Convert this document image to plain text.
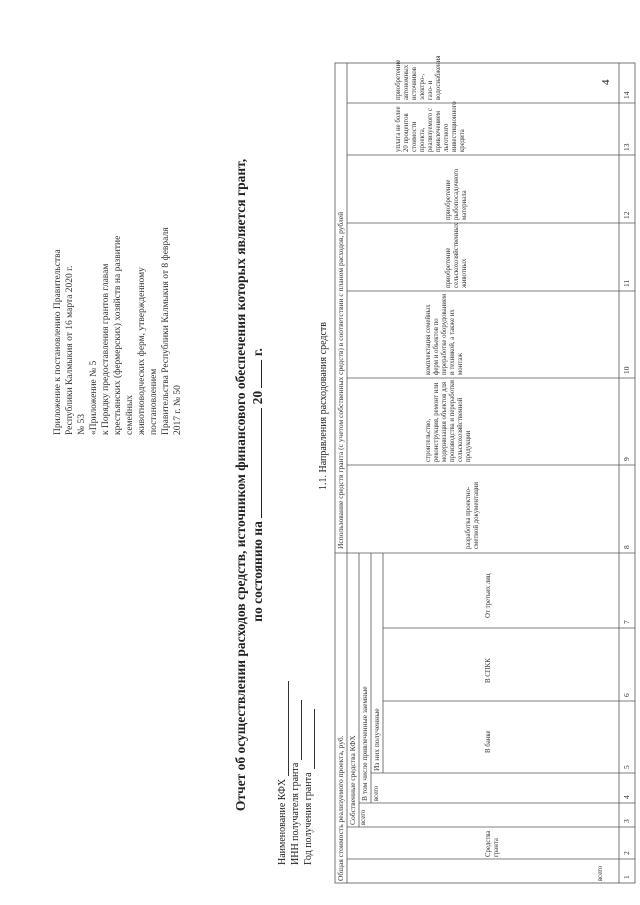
Приложение к постановлению Правительства Республики Калмыкия от 16 марта 2020 г. № 53 «Приложение № 5 к Порядку предоставления грантов главам крестьянских (фермерских) хозяйств на развитие семейных животноводческих ферм, утвержденному постановлением Правительства Республики Калмыкия от 8 февраля 2017 г. № 50	Отчет об осуществлении расходов средств, источником финансового обеспечения которых является грант, по состоянию на  20  г.
Наименование КФХ ИНН получателя гранта Год получения гранта
1.1. Направления расходования средств
Общая стоимость реализуемого проекта, руб.
Использование средств гранта (с учетом собственных средств) в соответствии с планом расходов, рублей
Собственные средства КФХ В том числе привлеченные заемные Из них полученные
всего
Средства гранта
всего
всего
В банке
В СПКК
От третьих лиц
разработка проектно- сметной документации
строительство, реконструкция, ремонт или модернизация объектов для производства и переработки сельскохозяйственной продукции
комплектация семейных ферм и объектов по переработке оборудованием и техникой, а также их монтаж
приобретение сельскохозяйственных животных
приобретение рыбопосадочного материала
уплата не более 20 процентов стоимости проекта, реализуемого с привлечением льготного инвестиционного кредита
приобретение автономных источников электро-, газо- и водоснабжения
1
2
3
4
5
6
7
8
9
10
11
12
13
14
4
